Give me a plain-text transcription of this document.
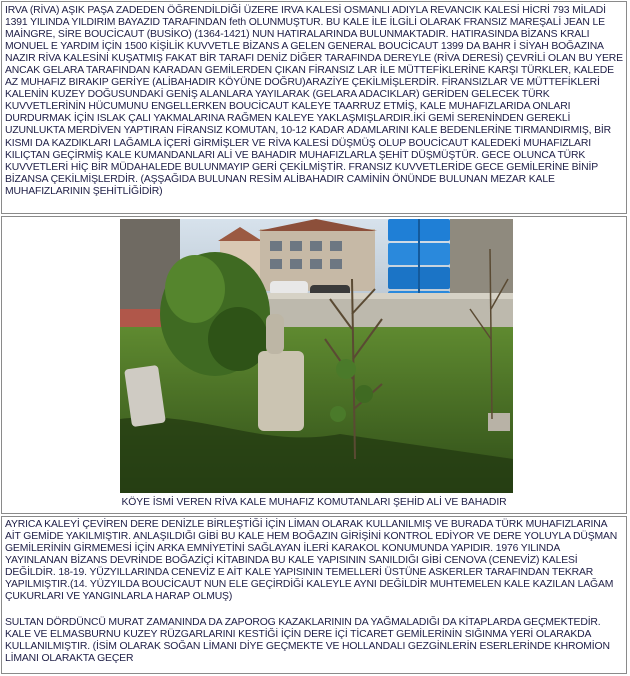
IRVA (RİVA) AŞIK PAŞA ZADEDEN ÖĞRENDİLDİĞİ ÜZERE IRVA KALESİ OSMANLI ADIYLA REVANCIK KALESİ HİCRİ 793 MİLADİ 1391 YILINDA YILDIRIM BAYAZID TARAFINDAN feth OLUNMUŞTUR. BU KALE İLE İLGİLİ OLARAK FRANSIZ MAREŞALİ JEAN LE MAİNGRE, SİRE BOUCİCAUT (BUSİKO) (1364-1421) NUN HATIRALARINDA BULUNMAKTADIR. HATIRASINDA BİZANS KRALI MONUEL E YARDIM İÇİN 1500 KİŞİLİK KUVVETLE BİZANS A GELEN GENERAL BOUCİCAUT 1399 DA BAHR İ SİYAH BOĞAZINA NAZIR RİVA KALESİNİ KUŞATMIŞ FAKAT BİR TARAFI DENİZ DİĞER TARAFINDA DEREYLE (RİVA DERESİ) ÇEVRİLİ OLAN BU YERE ANCAK GELARA TARAFINDAN KARADAN GEMİLERDEN ÇIKAN FİRANSIZ LAR İLE MÜTTEFİKLERİNE KARŞI TÜRKLER, KALEDE AZ MUHAFIZ BIRAKIP GERİYE (ALİBAHADIR KÖYÜNE DOĞRU)ARAZİYE ÇEKİLMİŞLERDİR. FİRANSIZLAR VE MÜTTEFİKLERİ KALENİN KUZEY DOĞUSUNDAKİ GENİŞ ALANLARA YAYILARAK (GELARA ADACIKLAR) GERİDEN GELECEK TÜRK KUVVETLERİNİN HÜCUMUNU ENGELLERKEN BOUCİCAUT KALEYE TAARRUZ ETMİŞ, KALE MUHAFIZLARIDA ONLARI DURDURMAK İÇİN ISLAK ÇALI YAKMALARINA RAĞMEN KALEYE YAKLAŞMIŞLARDIR.İKİ GEMİ SERENİNDEN GEREKLİ UZUNLUKTA MERDİVEN YAPTIRAN FİRANSIZ KOMUTAN, 10-12 KADAR ADAMLARINI KALE BEDENLERİNE TIRMANDIRMIŞ, BİR KISMI DA KAZDIKLARI LAĞAMLA İÇERİ GİRMİŞLER VE RİVA KALESİ DÜŞMÜŞ OLUP BOUCİCAUT KALEDEKİ MUHAFIZLARI KILIÇTAN GEÇİRMİŞ KALE KUMANDANLARI ALİ VE BAHADIR MUHAFIZLARLA ŞEHİT DÜŞMÜŞTÜR. GECE OLUNCA TÜRK KUVVETLERİ HİÇ BİR MÜDAHALEDE BULUNMAYIP GERİ ÇEKİLMİŞTİR. FRANSIZ KUVVETLERİDE GECE GEMİLERİNE BİNİP BİZANSA ÇEKİLMİŞLERDİR. (AŞŞAĞIDA BULUNAN RESİM ALİBAHADIR CAMİNİN ÖNÜNDE BULUNAN MEZAR KALE MUHAFIZLARININ ŞEHİTLİĞİDİR)

KÖYE İSMİ VEREN RİVA KALE MUHAFIZ KOMUTANLARI ŞEHİD ALİ VE BAHADIR

AYRICA KALEYİ ÇEVİREN DERE DENİZLE BİRLEŞTİĞİ İÇİN LİMAN OLARAK KULLANILMIŞ VE BURADA TÜRK MUHAFIZLARINA AİT GEMİDE YAKILMIŞTIR. ANLAŞILDIĞI GİBİ BU KALE HEM BOĞAZIN GİRİŞİNİ KONTROL EDİYOR VE DERE YOLUYLA DÜŞMAN GEMİLERİNİN GİRMEMESİ İÇİN ARKA EMNİYETİNİ SAĞLAYAN İLERİ KARAKOL KONUMUNDA YAPIDIR. 1976 YILINDA YAYINLANAN BİZANS DEVRİNDE BOĞAZİÇİ KİTABINDA BU KALE YAPISININ SANILDIĞI GİBİ CENOVA (CENEVİZ) KALESİ DEĞİLDİR. 18-19. YÜZYILLARINDA CENEVİZ E AİT KALE YAPISININ TEMELLERİ ÜSTÜNE ASKERLER TARAFINDAN TEKRAR YAPILMIŞTIR.(14. YÜZYILDA BOUCİCAUT NUN ELE GEÇİRDİĞİ KALEYLE AYNI DEĞİLDİR MUHTEMELEN KALE KAZILAN LAĞAM ÇUKURLARI VE YANGINLARLA HARAP OLMUŞ)

SULTAN DÖRDÜNCÜ MURAT ZAMANINDA DA ZAPOROG KAZAKLARININ DA YAĞMALADIĞI DA KİTAPLARDA GEÇMEKTEDİR. KALE VE ELMASBURNU KUZEY RÜZGARLARINI KESTİĞİ İÇİN DERE İÇİ TİCARET GEMİLERİNİN SIĞINMA YERİ OLARAKDA KULLANILMIŞTIR. (İSİM OLARAK SOĞAN LİMANI DİYE GEÇMEKTE VE HOLLANDALI GEZGİNLERİN ESERLERİNDE KHROMİON LİMANI OLARAKTA GEÇER
